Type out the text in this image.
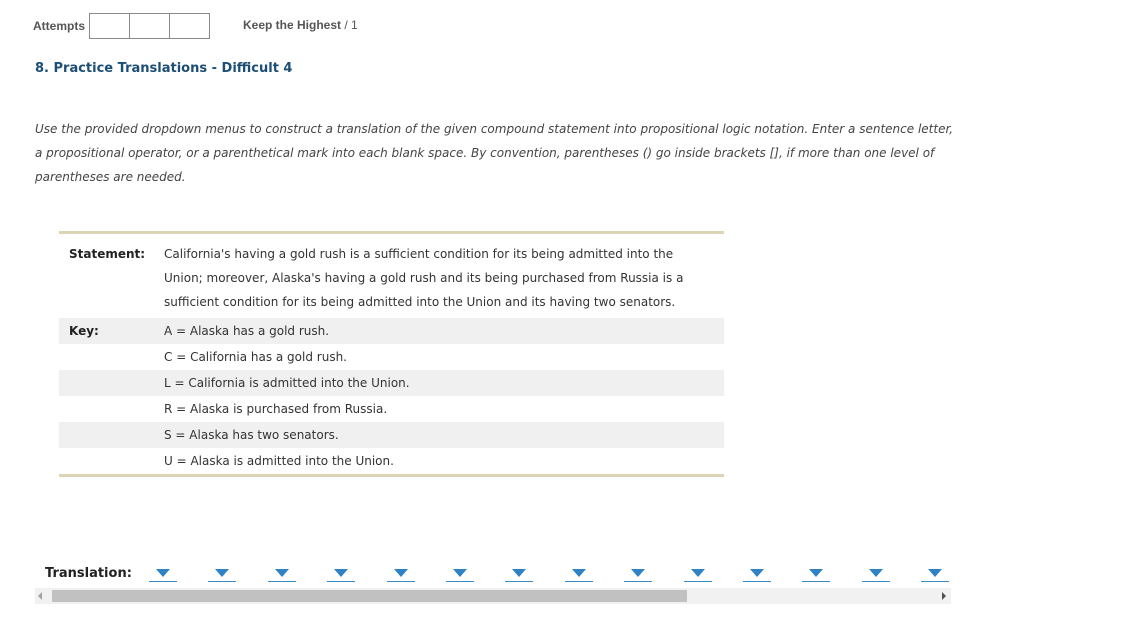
Attempts	Keep the Highest / 1
8. Practice Translations - Difficult 4
Use the provided dropdown menus to construct a translation of the given compound statement into propositional logic notation. Enter a sentence letter, a propositional operator, or a parenthetical mark into each blank space. By convention, parentheses () go inside brackets [], if more than one level of parentheses are needed.
Statement:	California's having a gold rush is a sufficient condition for its being admitted into the
Union; moreover, Alaska's having a gold rush and its being purchased from Russia is a
sufficient condition for its being admitted into the Union and its having two senators.
Key:	A = Alaska has a gold rush.
C = California has a gold rush.
L = California is admitted into the Union.
R = Alaska is purchased from Russia.
S = Alaska has two senators.
U = Alaska is admitted into the Union.
Translation:
